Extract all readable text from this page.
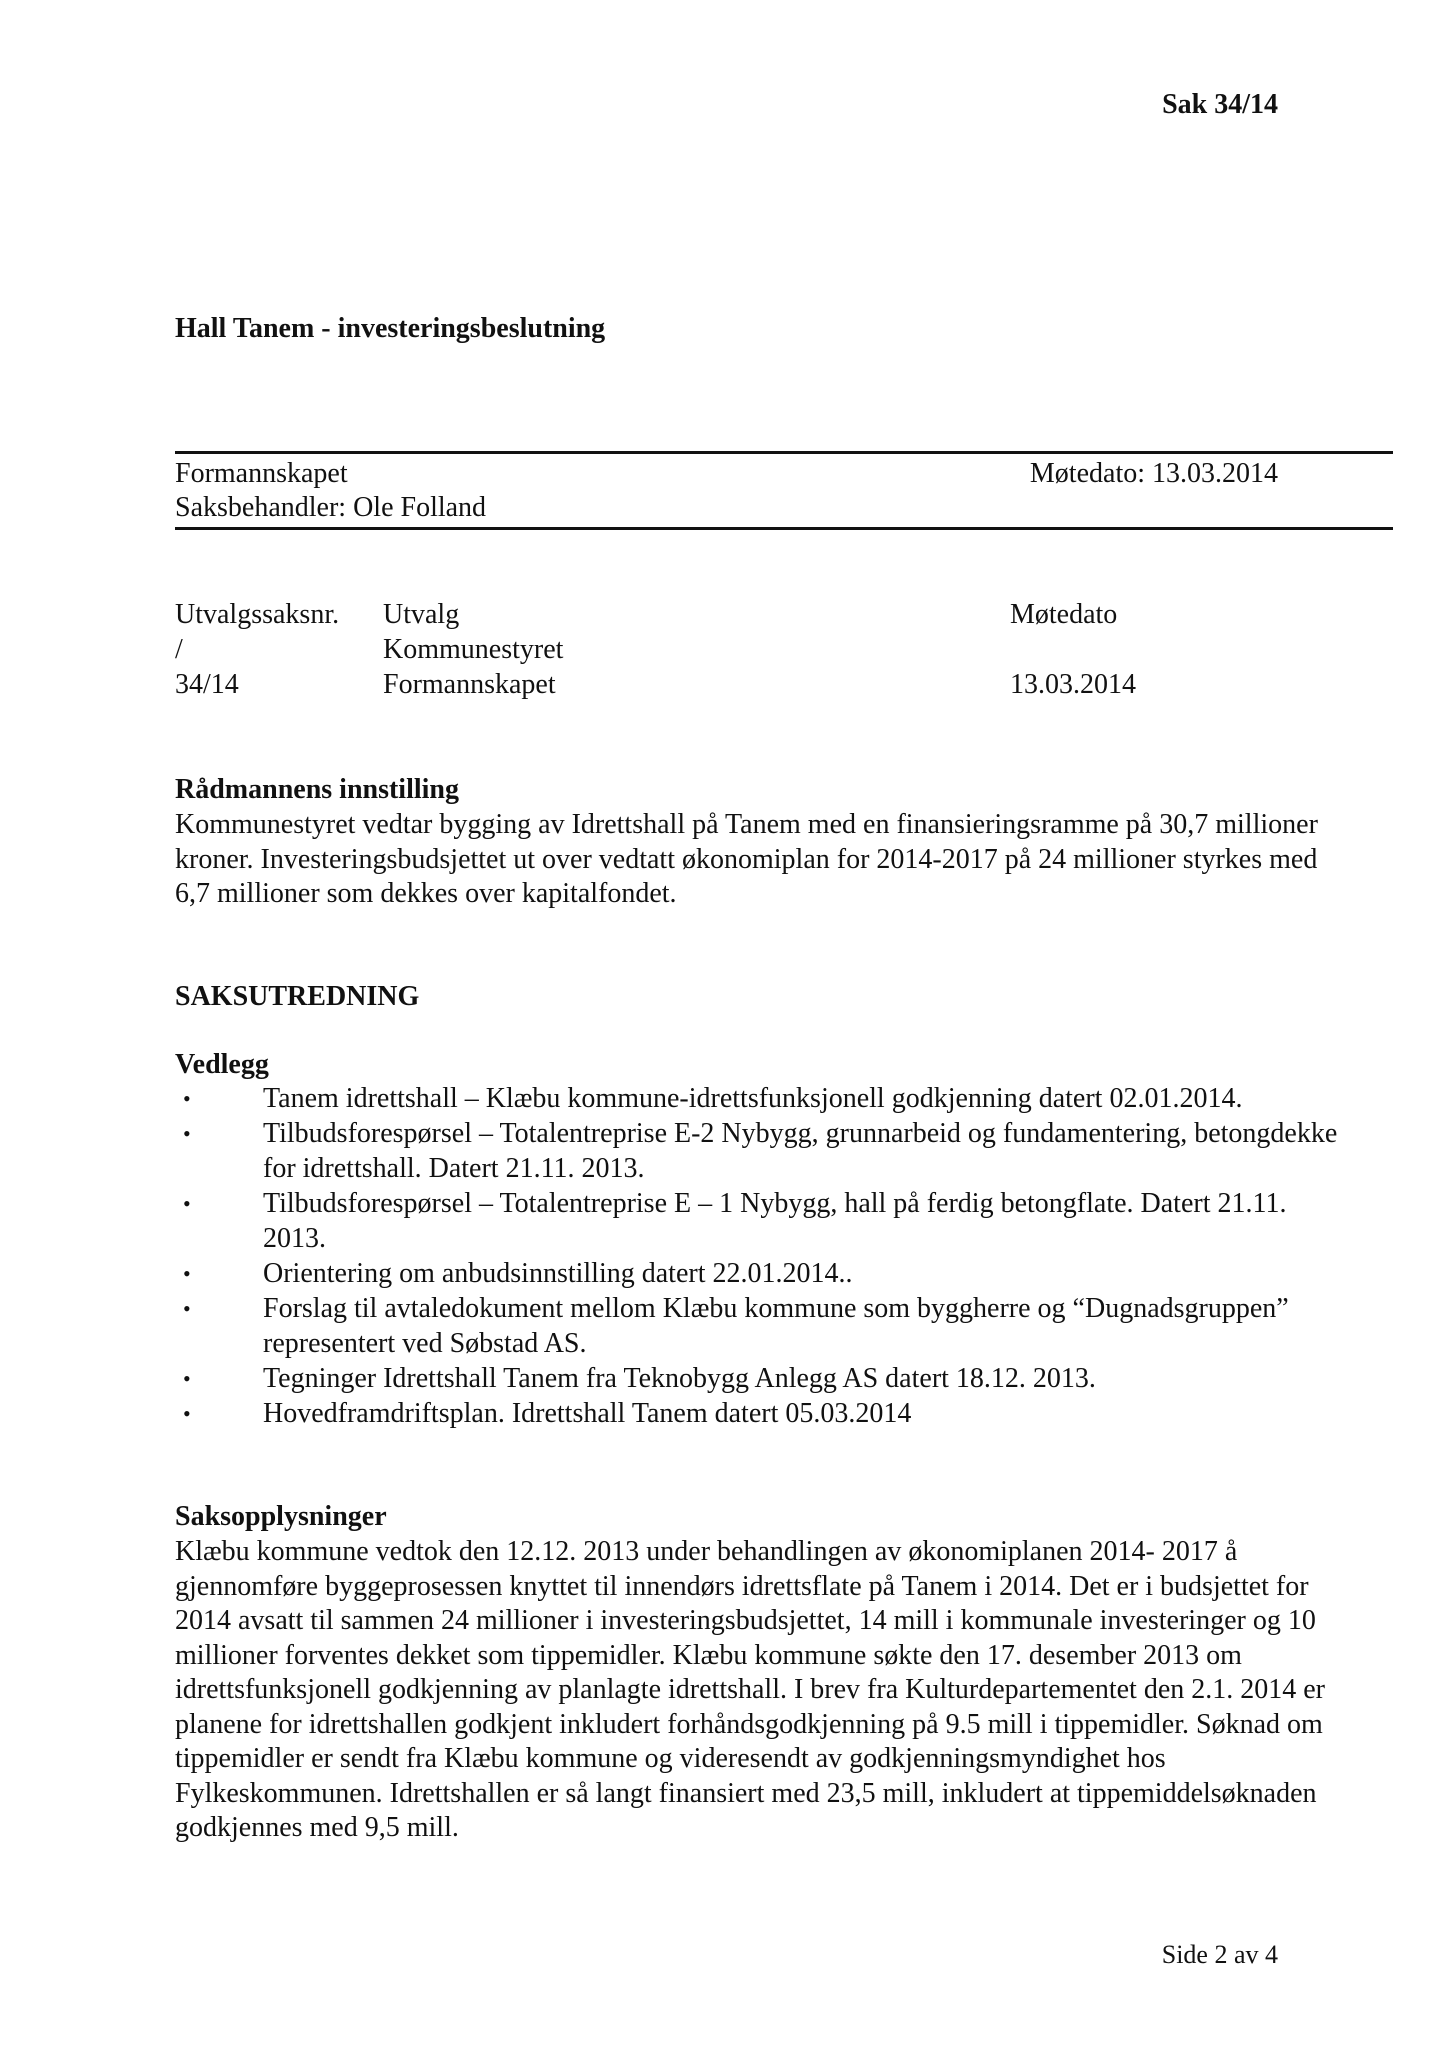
Sak 34/14
Hall Tanem - investeringsbeslutning
Formannskapet	Møtedato: 13.03.2014
Saksbehandler: Ole Folland
Utvalgssaksnr. Utvalg	Møtedato
/	Kommunestyret
34/14	Formannskapet	13.03.2014
Rådmannens innstilling
Kommunestyret vedtar bygging av Idrettshall på Tanem med en finansieringsramme på 30,7 millioner kroner. Investeringsbudsjettet ut over vedtatt økonomiplan for 2014-2017 på 24 millioner styrkes med 6,7 millioner som dekkes over kapitalfondet.
SAKSUTREDNING
Vedlegg
•	Tanem idrettshall – Klæbu kommune-idrettsfunksjonell godkjenning datert 02.01.2014.
•	Tilbudsforespørsel – Totalentreprise E-2 Nybygg, grunnarbeid og fundamentering, betongdekke for idrettshall. Datert 21.11. 2013.
•	Tilbudsforespørsel – Totalentreprise E – 1 Nybygg, hall på ferdig betongflate. Datert 21.11. 2013.
•	Orientering om anbudsinnstilling datert 22.01.2014..
•	Forslag til avtaledokument mellom Klæbu kommune som byggherre og “Dugnadsgruppen” representert ved Søbstad AS.
•	Tegninger Idrettshall Tanem fra Teknobygg Anlegg AS datert 18.12. 2013.
•	Hovedframdriftsplan. Idrettshall Tanem datert 05.03.2014
Saksopplysninger
Klæbu kommune vedtok den 12.12. 2013 under behandlingen av økonomiplanen 2014- 2017 å gjennomføre byggeprosessen knyttet til innendørs idrettsflate på Tanem i 2014. Det er i budsjettet for 2014 avsatt til sammen 24 millioner i investeringsbudsjettet, 14 mill i kommunale investeringer og 10 millioner forventes dekket som tippemidler. Klæbu kommune søkte den 17. desember 2013 om idrettsfunksjonell godkjenning av planlagte idrettshall. I brev fra Kulturdepartementet den 2.1. 2014 er planene for idrettshallen godkjent inkludert forhåndsgodkjenning på 9.5 mill i tippemidler. Søknad om tippemidler er sendt fra Klæbu kommune og videresendt av godkjenningsmyndighet hos Fylkeskommunen. Idrettshallen er så langt finansiert med 23,5 mill, inkludert at tippemiddelsøknaden godkjennes med 9,5 mill.
Side 2 av 4
